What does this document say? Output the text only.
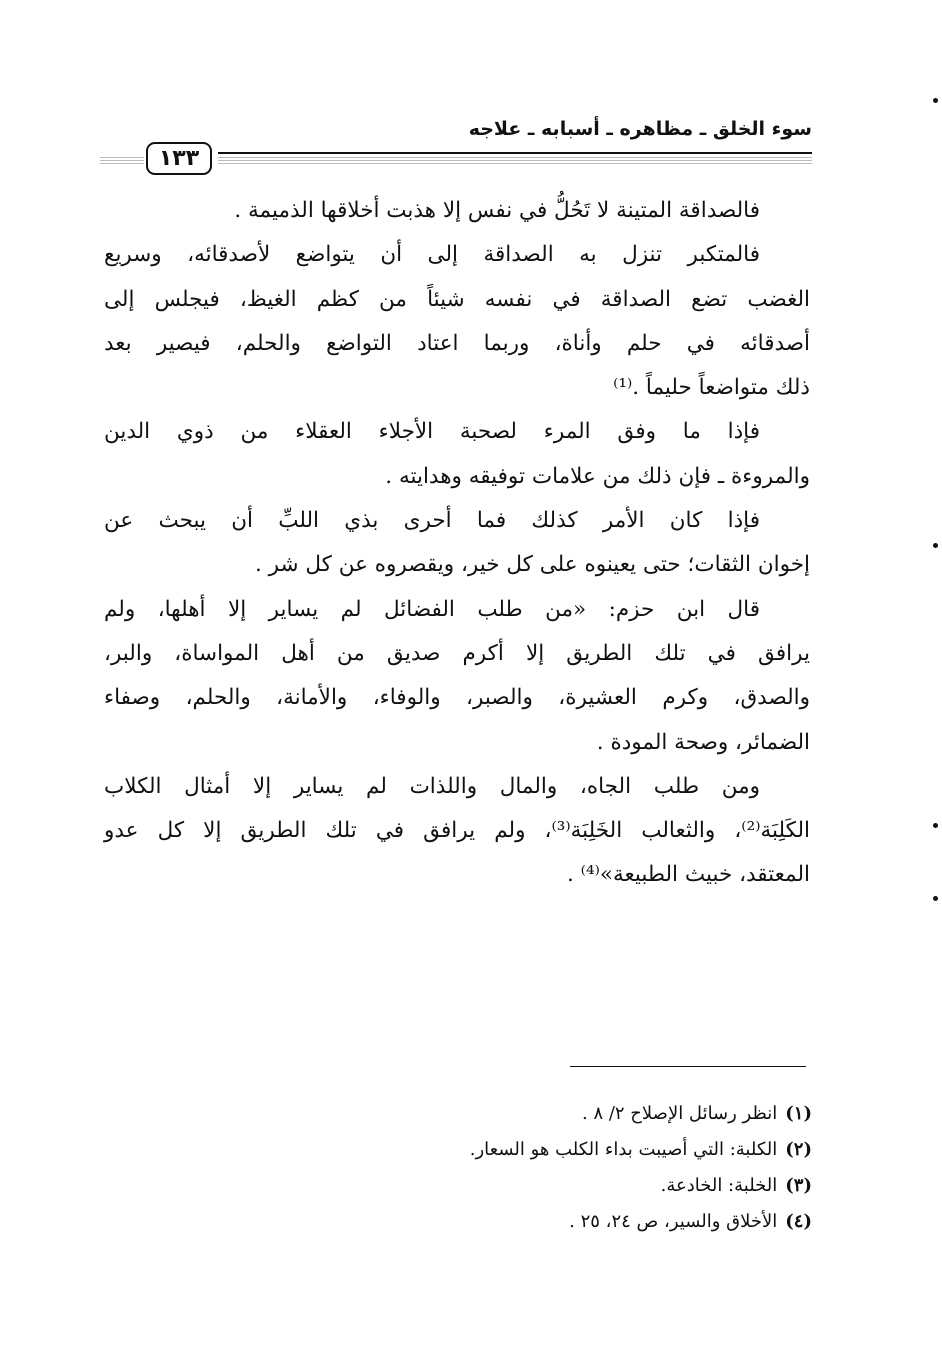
سوء الخلق ـ مظاهره ـ أسبابه ـ علاجه
١٣٣
فالصداقة المتينة لا تَحُلُّ في نفس إلا هذبت أخلاقها الذميمة .
فالمتكبر تنزل به الصداقة إلى أن يتواضع لأصدقائه، وسريع
الغضب تضع الصداقة في نفسه شيئاً من كظم الغيظ، فيجلس إلى
أصدقائه في حلم وأناة، وربما اعتاد التواضع والحلم، فيصير بعد
ذلك متواضعاً حليماً .⁽¹⁾
فإذا ما وفق المرء لصحبة الأجلاء العقلاء من ذوي الدين
والمروءة ـ فإن ذلك من علامات توفيقه وهدايته .
فإذا كان الأمر كذلك فما أحرى بذي اللبِّ أن يبحث عن
إخوان الثقات؛ حتى يعينوه على كل خير، ويقصروه عن كل شر .
قال ابن حزم: «من طلب الفضائل لم يساير إلا أهلها، ولم
يرافق في تلك الطريق إلا أكرم صديق من أهل المواساة، والبر،
والصدق، وكرم العشيرة، والصبر، والوفاء، والأمانة، والحلم، وصفاء
الضمائر، وصحة المودة .
ومن طلب الجاه، والمال واللذات لم يساير إلا أمثال الكلاب
الكَلِبَة⁽²⁾، والثعالب الخَلِبَة⁽³⁾، ولم يرافق في تلك الطريق إلا كل عدو
المعتقد، خبيث الطبيعة»⁽⁴⁾ .
(١)انظر رسائل الإصلاح ٢/ ٨ .
(٢)الكلبة: التي أصيبت بداء الكلب هو السعار.
(٣)الخلبة: الخادعة.
(٤)الأخلاق والسير، ص ٢٤، ٢٥ .
